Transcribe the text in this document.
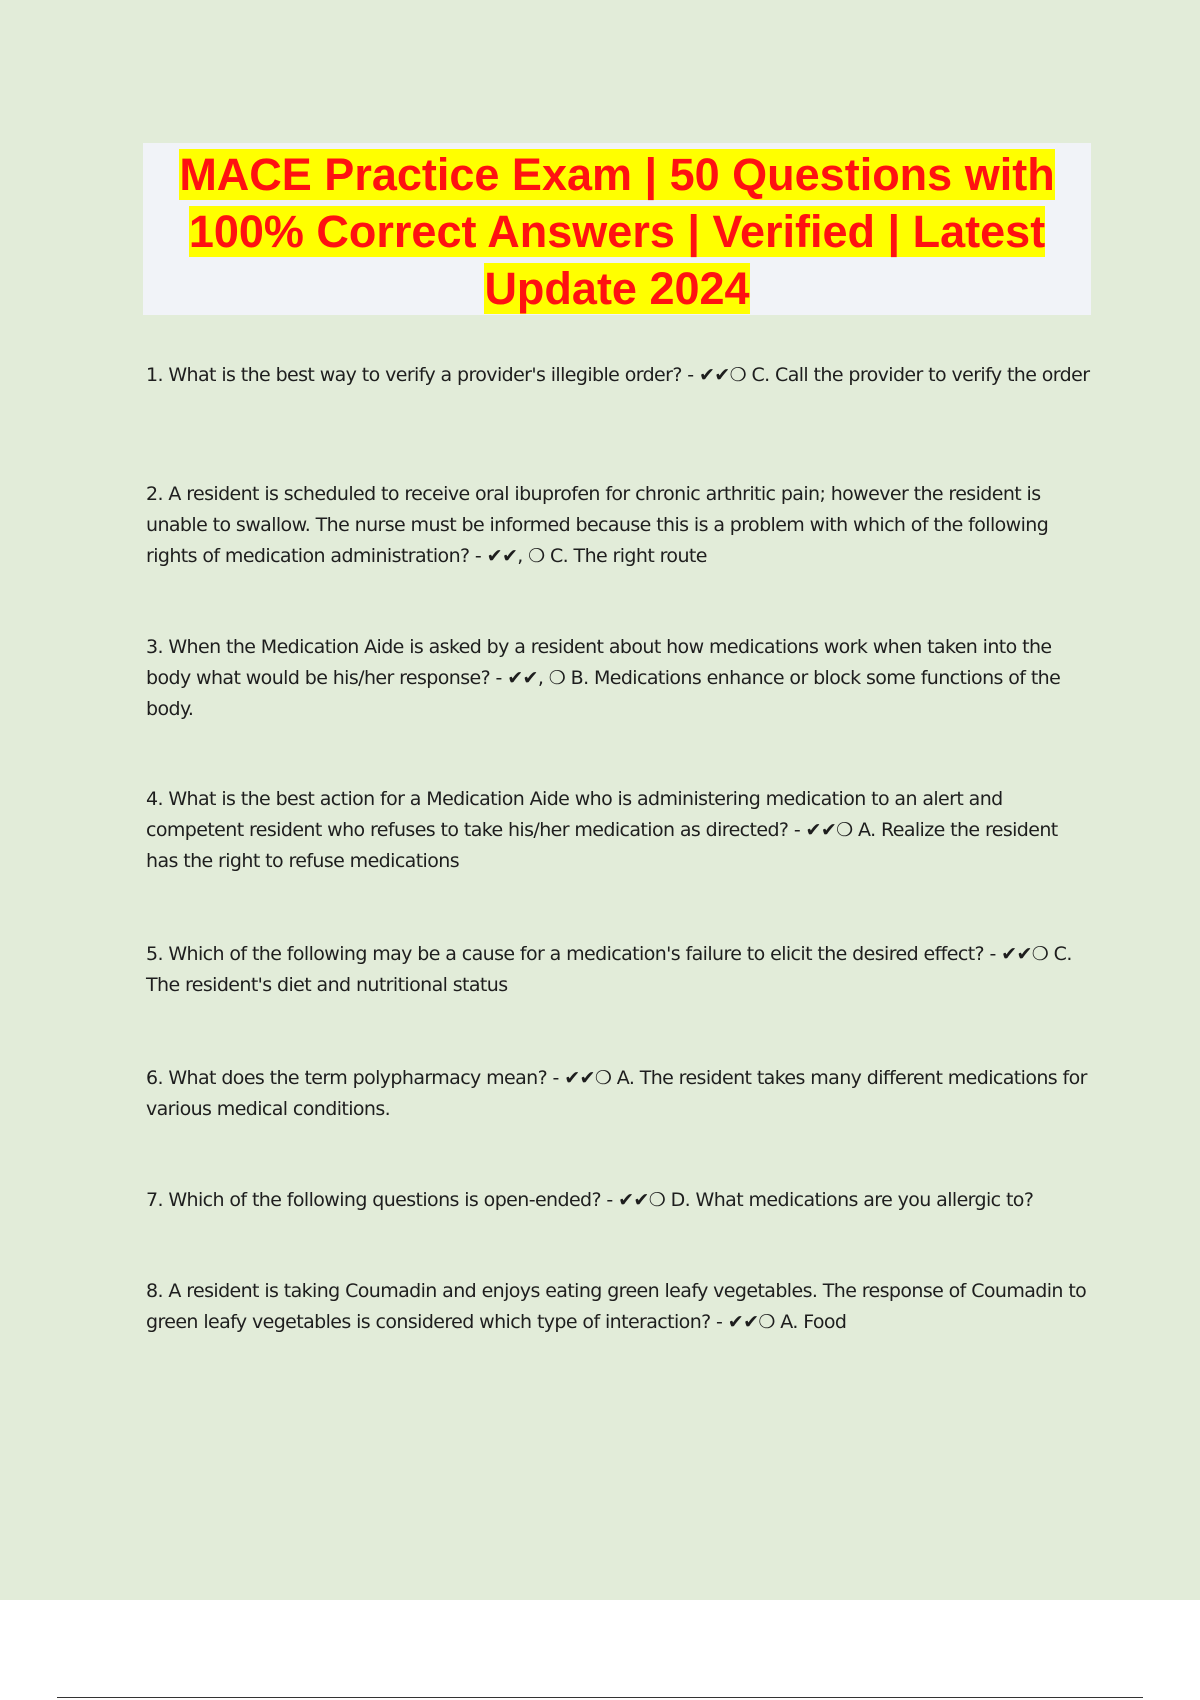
MACE Practice Exam | 50 Questions with
100% Correct Answers | Verified | Latest
Update 2024

1. What is the best way to verify a provider's illegible order? - ✔✔❍ C. Call the provider to verify the order

2. A resident is scheduled to receive oral ibuprofen for chronic arthritic pain; however the resident is unable to swallow. The nurse must be informed because this is a problem with which of the following rights of medication administration? - ✔✔, ❍ C. The right route

3. When the Medication Aide is asked by a resident about how medications work when taken into the body what would be his/her response? - ✔✔, ❍ B. Medications enhance or block some functions of the body.

4. What is the best action for a Medication Aide who is administering medication to an alert and competent resident who refuses to take his/her medication as directed? - ✔✔❍ A. Realize the resident has the right to refuse medications

5. Which of the following may be a cause for a medication's failure to elicit the desired effect? - ✔✔❍ C. The resident's diet and nutritional status

6. What does the term polypharmacy mean? - ✔✔❍ A. The resident takes many different medications for various medical conditions.

7. Which of the following questions is open-ended? - ✔✔❍ D. What medications are you allergic to?

8. A resident is taking Coumadin and enjoys eating green leafy vegetables. The response of Coumadin to green leafy vegetables is considered which type of interaction? - ✔✔❍ A. Food
